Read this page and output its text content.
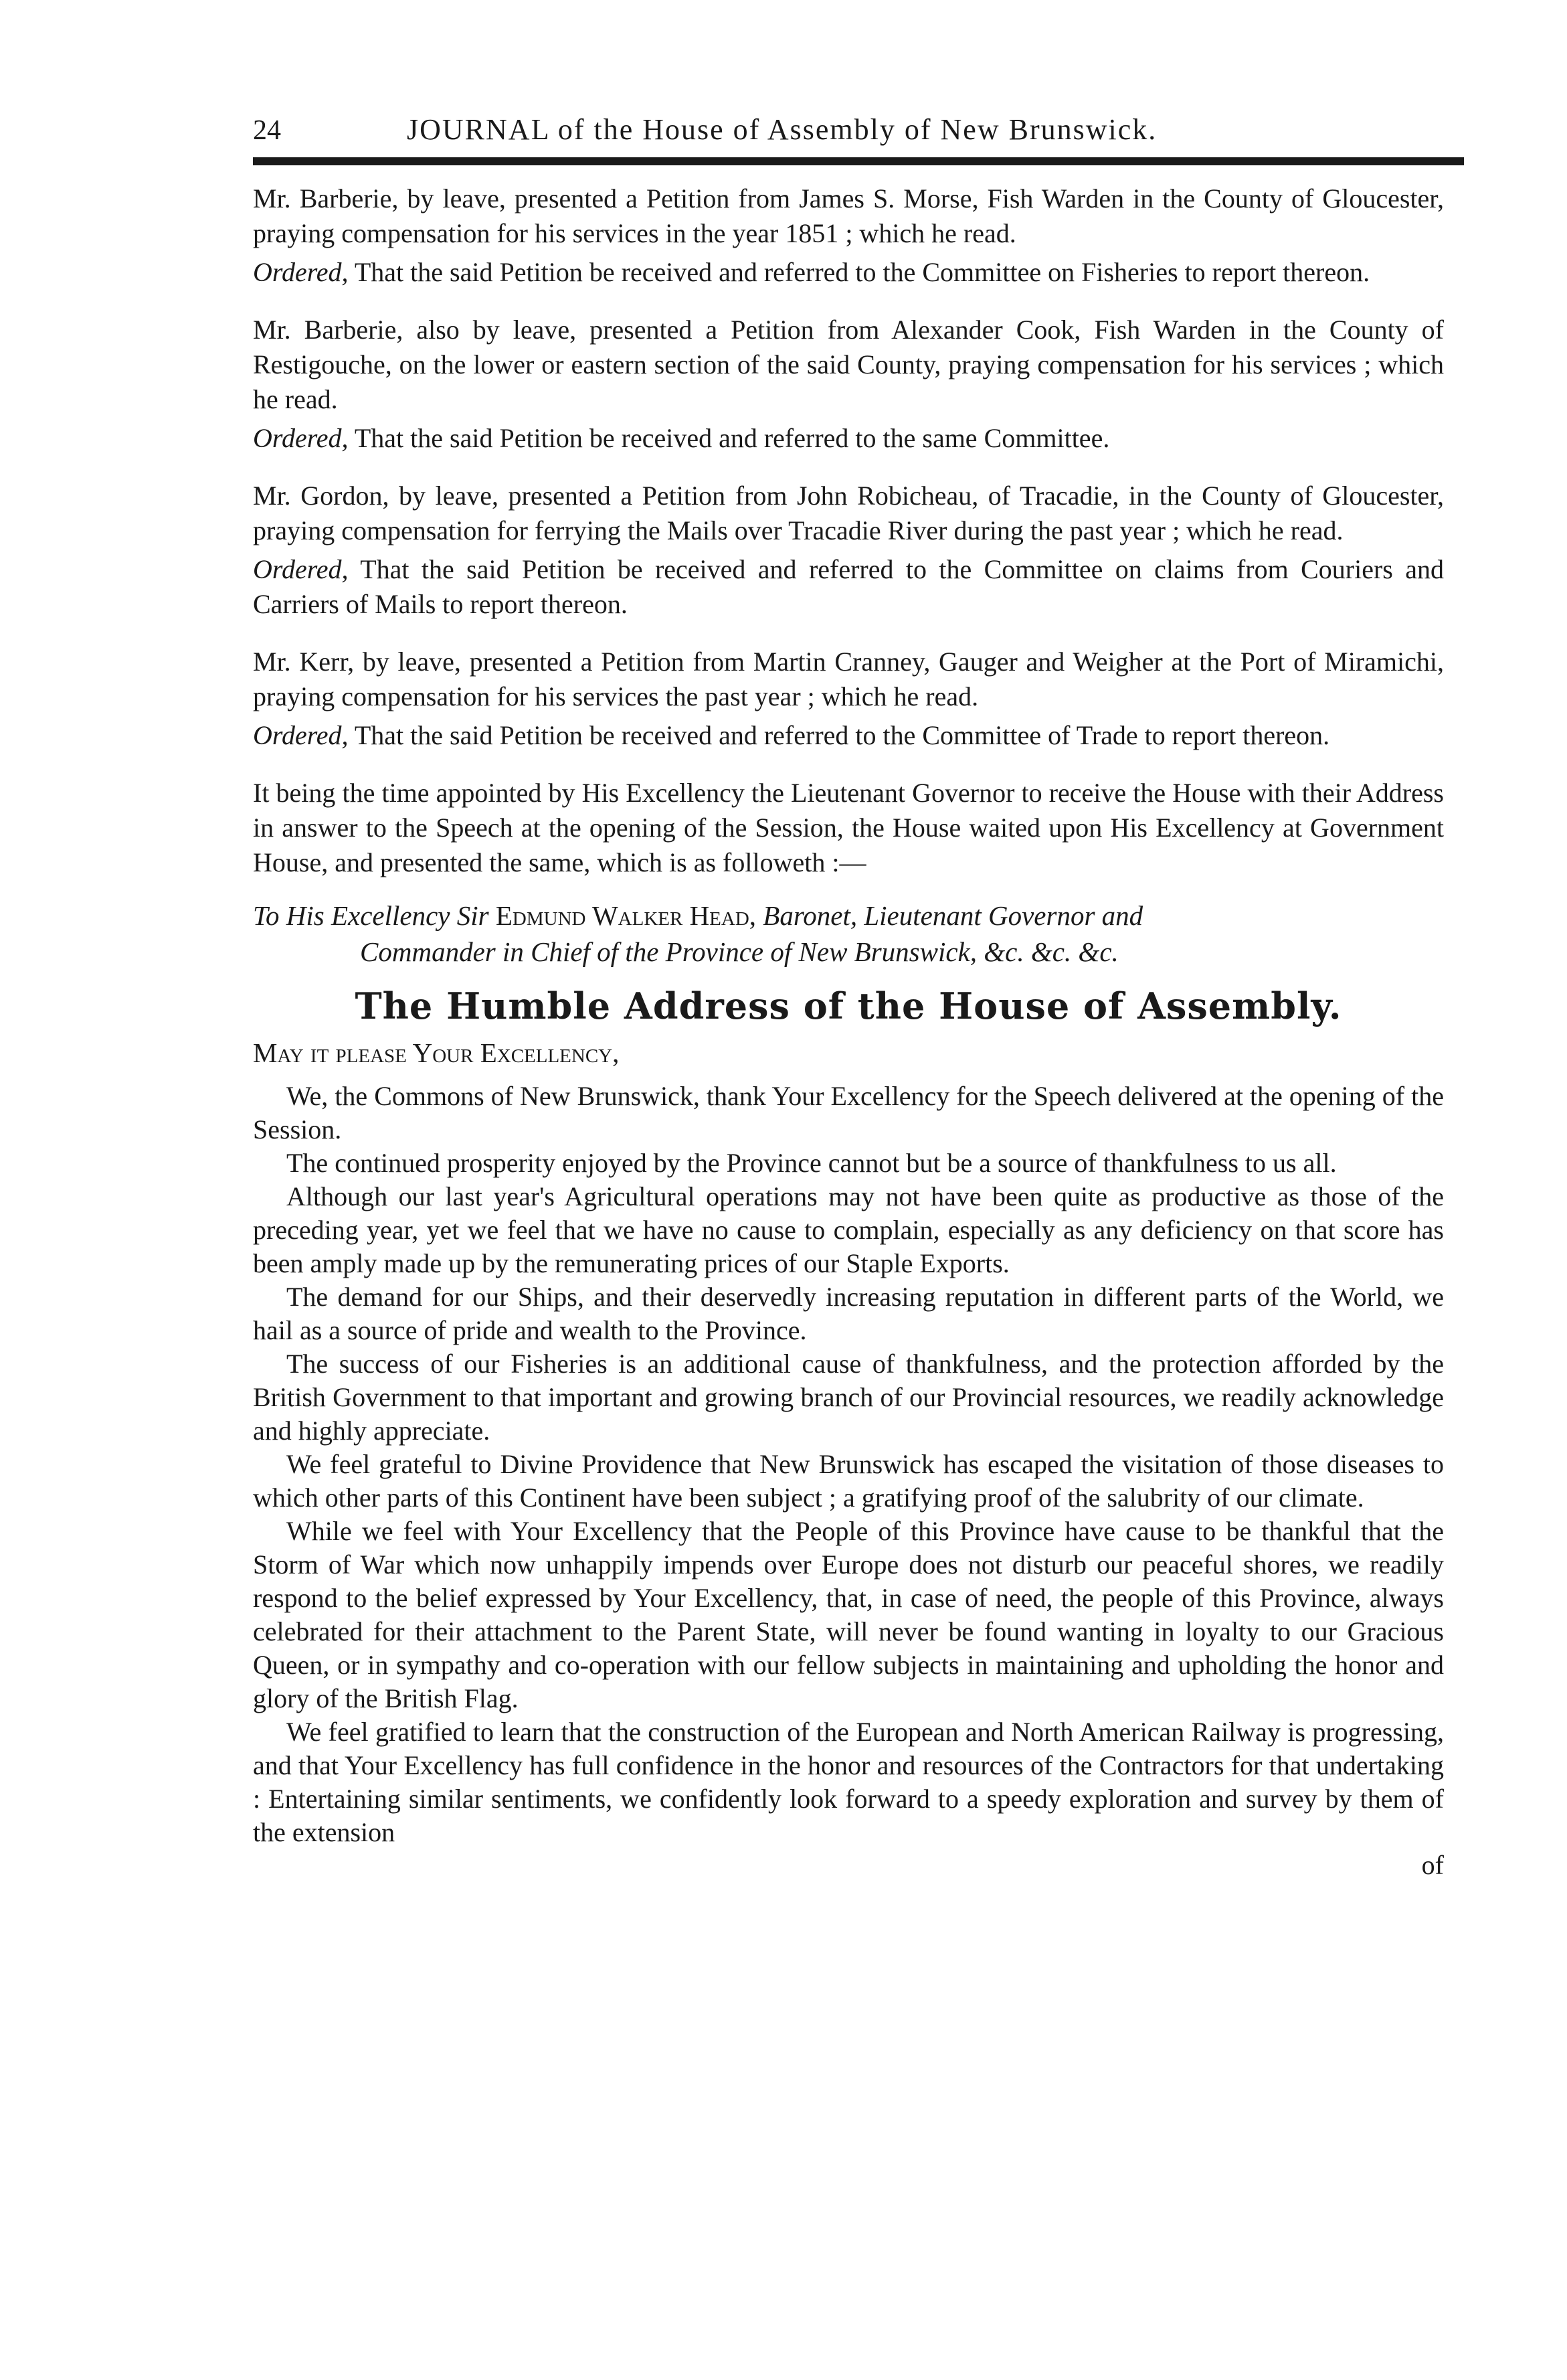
24	JOURNAL of the House of Assembly of New Brunswick.

Mr. Barberie, by leave, presented a Petition from James S. Morse, Fish Warden in the County of Gloucester, praying compensation for his services in the year 1851 ; which he read.

Ordered, That the said Petition be received and referred to the Committee on Fisheries to report thereon.

Mr. Barberie, also by leave, presented a Petition from Alexander Cook, Fish Warden in the County of Restigouche, on the lower or eastern section of the said County, praying compensation for his services ; which he read.

Ordered, That the said Petition be received and referred to the same Committee.

Mr. Gordon, by leave, presented a Petition from John Robicheau, of Tracadie, in the County of Gloucester, praying compensation for ferrying the Mails over Tracadie River during the past year ; which he read.

Ordered, That the said Petition be received and referred to the Committee on claims from Couriers and Carriers of Mails to report thereon.

Mr. Kerr, by leave, presented a Petition from Martin Cranney, Gauger and Weigher at the Port of Miramichi, praying compensation for his services the past year ; which he read.

Ordered, That the said Petition be received and referred to the Committee of Trade to report thereon.

It being the time appointed by His Excellency the Lieutenant Governor to receive the House with their Address in answer to the Speech at the opening of the Session, the House waited upon His Excellency at Government House, and presented the same, which is as followeth :—

To His Excellency Sir Edmund Walker Head, Baronet, Lieutenant Governor and
Commander in Chief of the Province of New Brunswick, &c. &c. &c.
The Humble Address of the House of Assembly.
May it please Your Excellency,

We, the Commons of New Brunswick, thank Your Excellency for the Speech delivered at the opening of the Session.

The continued prosperity enjoyed by the Province cannot but be a source of thankfulness to us all.

Although our last year's Agricultural operations may not have been quite as productive as those of the preceding year, yet we feel that we have no cause to complain, especially as any deficiency on that score has been amply made up by the remunerating prices of our Staple Exports.

The demand for our Ships, and their deservedly increasing reputation in different parts of the World, we hail as a source of pride and wealth to the Province.

The success of our Fisheries is an additional cause of thankfulness, and the protection afforded by the British Government to that important and growing branch of our Provincial resources, we readily acknowledge and highly appreciate.

We feel grateful to Divine Providence that New Brunswick has escaped the visitation of those diseases to which other parts of this Continent have been subject ; a gratifying proof of the salubrity of our climate.

While we feel with Your Excellency that the People of this Province have cause to be thankful that the Storm of War which now unhappily impends over Europe does not disturb our peaceful shores, we readily respond to the belief expressed by Your Excellency, that, in case of need, the people of this Province, always celebrated for their attachment to the Parent State, will never be found wanting in loyalty to our Gracious Queen, or in sympathy and co-operation with our fellow subjects in maintaining and upholding the honor and glory of the British Flag.

We feel gratified to learn that the construction of the European and North American Railway is progressing, and that Your Excellency has full confidence in the honor and resources of the Contractors for that undertaking : Entertaining similar sentiments, we confidently look forward to a speedy exploration and survey by them of the extension

of
